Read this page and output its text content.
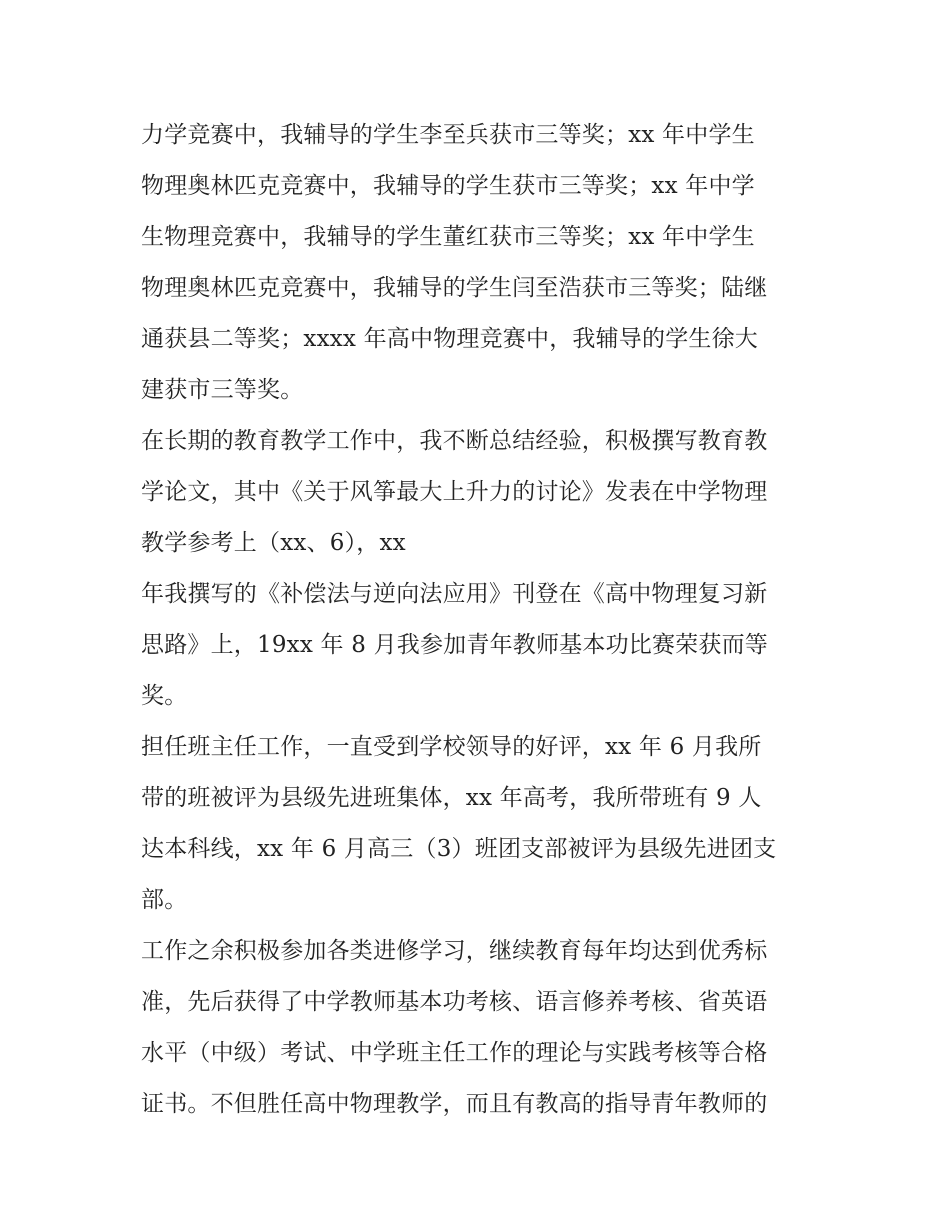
力学竞赛中，我辅导的学生李至兵获市三等奖；xx 年中学生
物理奥林匹克竞赛中，我辅导的学生获市三等奖；xx 年中学
生物理竞赛中，我辅导的学生董红获市三等奖；xx 年中学生
物理奥林匹克竞赛中，我辅导的学生闫至浩获市三等奖；陆继
通获县二等奖；xxxx 年高中物理竞赛中，我辅导的学生徐大
建获市三等奖。
在长期的教育教学工作中，我不断总结经验，积极撰写教育教
学论文，其中《关于风筝最大上升力的讨论》发表在中学物理
教学参考上（xx、6），xx
年我撰写的《补偿法与逆向法应用》刊登在《高中物理复习新
思路》上，19xx 年 8 月我参加青年教师基本功比赛荣获而等
奖。
担任班主任工作，一直受到学校领导的好评，xx 年 6 月我所
带的班被评为县级先进班集体，xx 年高考，我所带班有 9 人
达本科线，xx 年 6 月高三（3）班团支部被评为县级先进团支
部。
工作之余积极参加各类进修学习，继续教育每年均达到优秀标
准，先后获得了中学教师基本功考核、语言修养考核、省英语
水平（中级）考试、中学班主任工作的理论与实践考核等合格
证书。不但胜任高中物理教学，而且有教高的指导青年教师的
